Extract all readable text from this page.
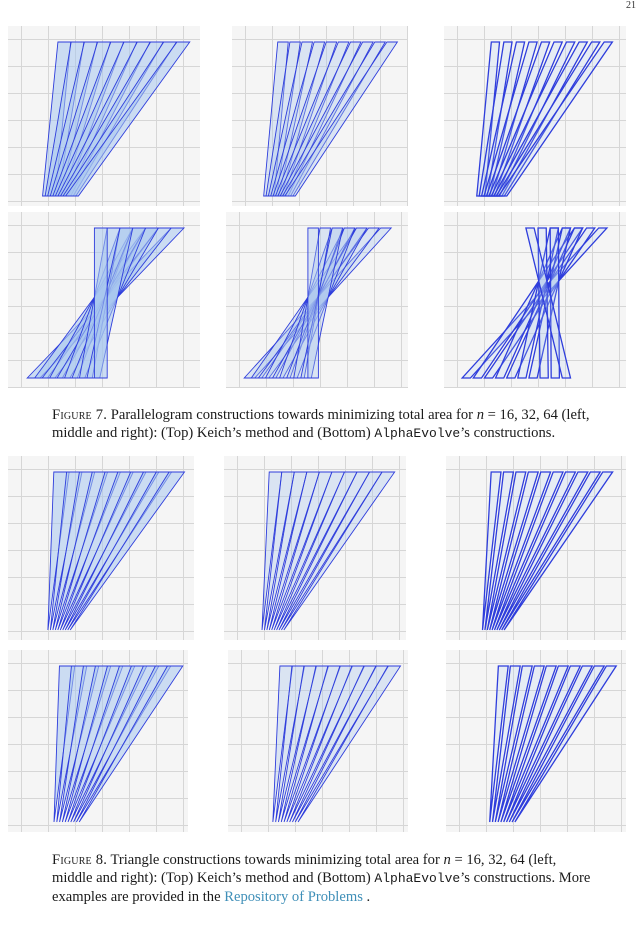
21
Figure 7. Parallelogram constructions towards minimizing total area for n = 16, 32, 64 (left, middle and right): (Top) Keich’s method and (Bottom) AlphaEvolve’s constructions.
Figure 8. Triangle constructions towards minimizing total area for n = 16, 32, 64 (left, middle and right): (Top) Keich’s method and (Bottom) AlphaEvolve’s constructions. More examples are provided in the Repository of Problems .
